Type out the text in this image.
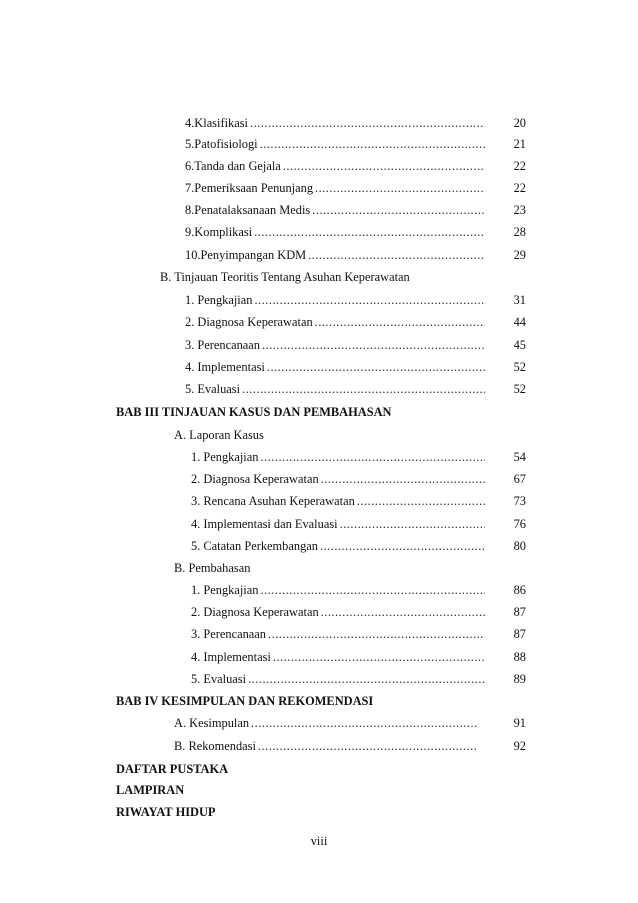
4. Klasifikasi .....	20
5. Patofisiologi .....	21
6. Tanda dan Gejala .....	22
7. Pemeriksaan Penunjang .....	22
8. Penatalaksanaan Medis .....	23
9. Komplikasi .....	28
10. Penyimpangan KDM .....	29
B. Tinjauan Teoritis Tentang Asuhan Keperawatan
1. Pengkajian .....	31
2. Diagnosa Keperawatan .....	44
3. Perencanaan .....	45
4. Implementasi .....	52
5. Evaluasi .....	52
BAB III TINJAUAN KASUS DAN PEMBAHASAN
A. Laporan Kasus
1. Pengkajian .....	54
2. Diagnosa Keperawatan .....	67
3. Rencana Asuhan Keperawatan .....	73
4. Implementasi dan Evaluasi .....	76
5. Catatan Perkembangan .....	80
B. Pembahasan
1. Pengkajian .....	86
2. Diagnosa Keperawatan .....	87
3. Perencanaan .....	87
4. Implementasi .....	88
5. Evaluasi .....	89
BAB IV KESIMPULAN DAN REKOMENDASI
A. Kesimpulan .....	91
B. Rekomendasi .....	92
DAFTAR PUSTAKA
LAMPIRAN
RIWAYAT HIDUP
viii
